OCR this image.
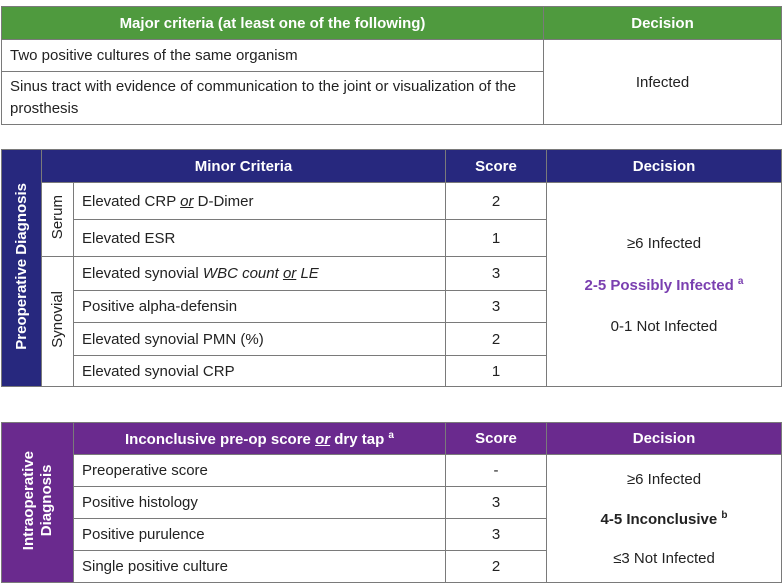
Major criteria (at least one of the following)	Decision
Two positive cultures of the same organism	Infected
Sinus tract with evidence of communication to the joint or visualization of the prosthesis	
Preoperative Diagnosis	Minor Criteria		Score	Decision
	Serum	Elevated CRP or D-Dimer	2	≥6 Infected
2-5 Possibly Infected $^a$
0-1 Not Infected

		Elevated ESR	1	
	Synovial	Elevated synovial WBC count or LE	3	
		Positive alpha-defensin	3	
		Elevated synovial PMN (%)	2	
		Elevated synovial CRP	1	
Intraoperative
Diagnosis	Inconclusive pre-op score or dry tap $^a$	Score	Decision
	Preoperative score	-	≥6 Infected
4-5 Inconclusive $^b$
≤3 Not Infected

	Positive histology	3	
	Positive purulence	3	
	Single positive culture	2	
